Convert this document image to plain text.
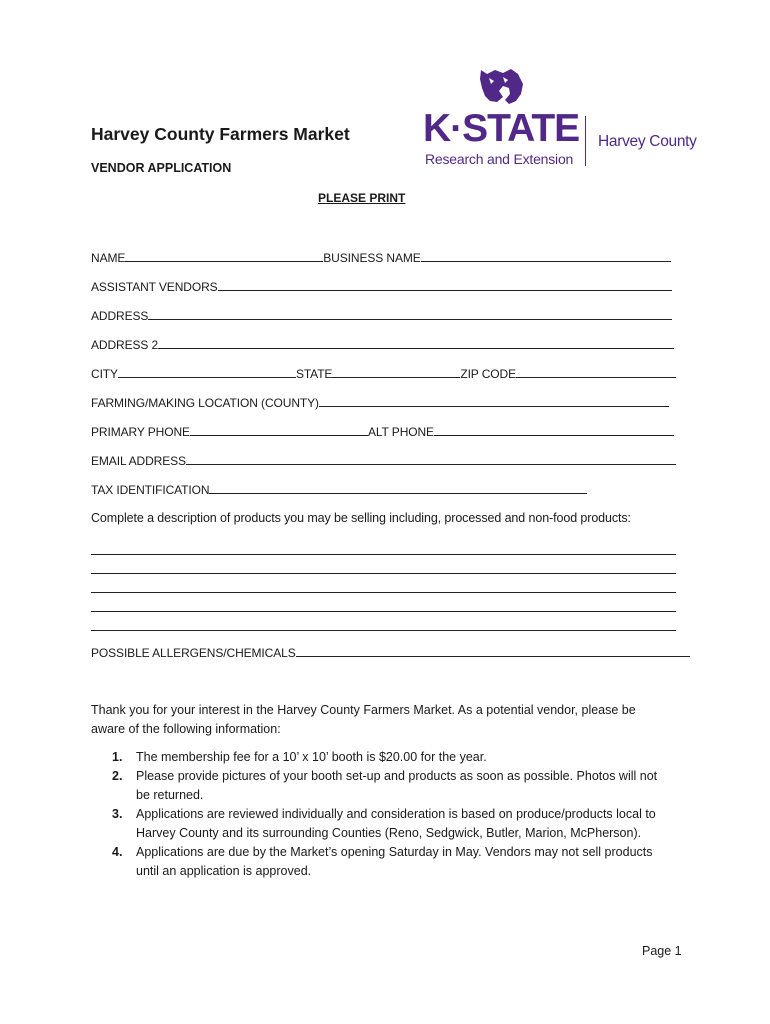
Harvey County Farmers Market
VENDOR APPLICATION
PLEASE PRINT
K·STATE
Research and Extension
Harvey County
NAME	BUSINESS NAME
ASSISTANT VENDORS
ADDRESS
ADDRESS 2
CITY	STATE	ZIP CODE
FARMING/MAKING LOCATION (COUNTY)
PRIMARY PHONE	ALT PHONE
EMAIL ADDRESS
TAX IDENTIFICATION
Complete a description of products you may be selling including, processed and non-food products:
POSSIBLE ALLERGENS/CHEMICALS
Thank you for your interest in the Harvey County Farmers Market. As a potential vendor, please be aware of the following information:
1. The membership fee for a 10’ x 10’ booth is $20.00 for the year.
2. Please provide pictures of your booth set-up and products as soon as possible. Photos will not be returned.
3. Applications are reviewed individually and consideration is based on produce/products local to Harvey County and its surrounding Counties (Reno, Sedgwick, Butler, Marion, McPherson).
4. Applications are due by the Market’s opening Saturday in May. Vendors may not sell products until an application is approved.
Page 1
